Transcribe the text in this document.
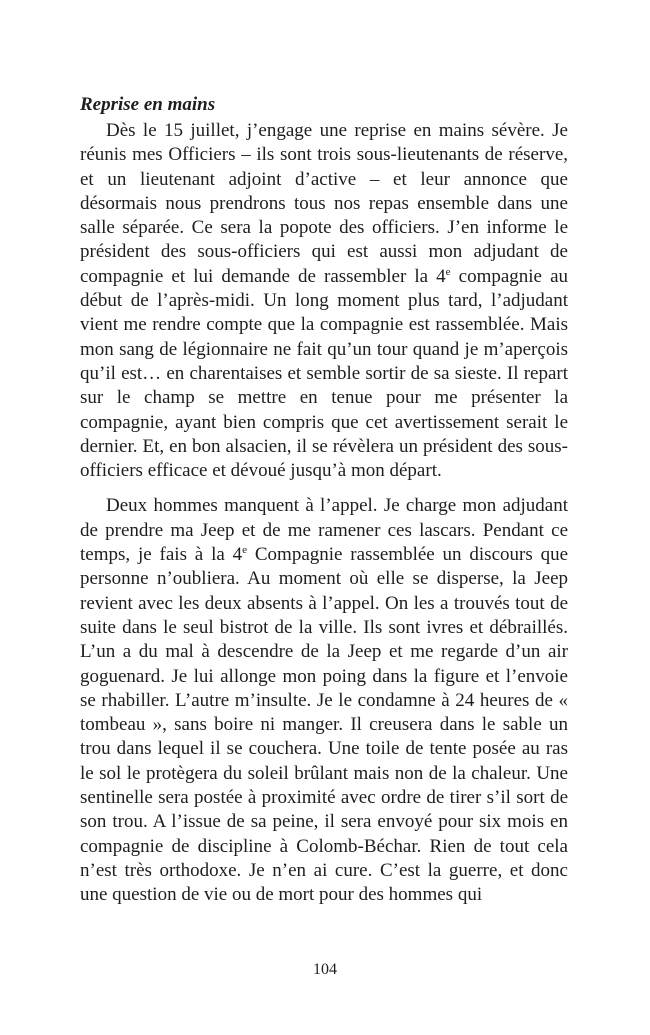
Reprise en mains

Dès le 15 juillet, j’engage une reprise en mains sévère. Je réunis mes Officiers – ils sont trois sous-lieutenants de réserve, et un lieutenant adjoint d’active – et leur annonce que désormais nous prendrons tous nos repas ensemble dans une salle séparée. Ce sera la popote des officiers. J’en informe le président des sous-officiers qui est aussi mon adjudant de compagnie et lui demande de rassembler la 4e compagnie au début de l’après-midi. Un long moment plus tard, l’adjudant vient me rendre compte que la compagnie est rassemblée. Mais mon sang de légionnaire ne fait qu’un tour quand je m’aperçois qu’il est… en charentaises et semble sortir de sa sieste. Il repart sur le champ se mettre en tenue pour me présenter la compagnie, ayant bien compris que cet avertissement serait le dernier. Et, en bon alsacien, il se révèlera un président des sous-officiers efficace et dévoué jusqu’à mon départ.

Deux hommes manquent à l’appel. Je charge mon adjudant de prendre ma Jeep et de me ramener ces lascars. Pendant ce temps, je fais à la 4e Compagnie rassemblée un discours que personne n’oubliera. Au moment où elle se disperse, la Jeep revient avec les deux absents à l’appel. On les a trouvés tout de suite dans le seul bistrot de la ville. Ils sont ivres et débraillés. L’un a du mal à descendre de la Jeep et me regarde d’un air goguenard. Je lui allonge mon poing dans la figure et l’envoie se rhabiller. L’autre m’insulte. Je le condamne à 24 heures de « tombeau », sans boire ni manger. Il creusera dans le sable un trou dans lequel il se couchera. Une toile de tente posée au ras le sol le protègera du soleil brûlant mais non de la chaleur. Une sentinelle sera postée à proximité avec ordre de tirer s’il sort de son trou. A l’issue de sa peine, il sera envoyé pour six mois en compagnie de discipline à Colomb-Béchar. Rien de tout cela n’est très orthodoxe. Je n’en ai cure. C’est la guerre, et donc une question de vie ou de mort pour des hommes qui

104
